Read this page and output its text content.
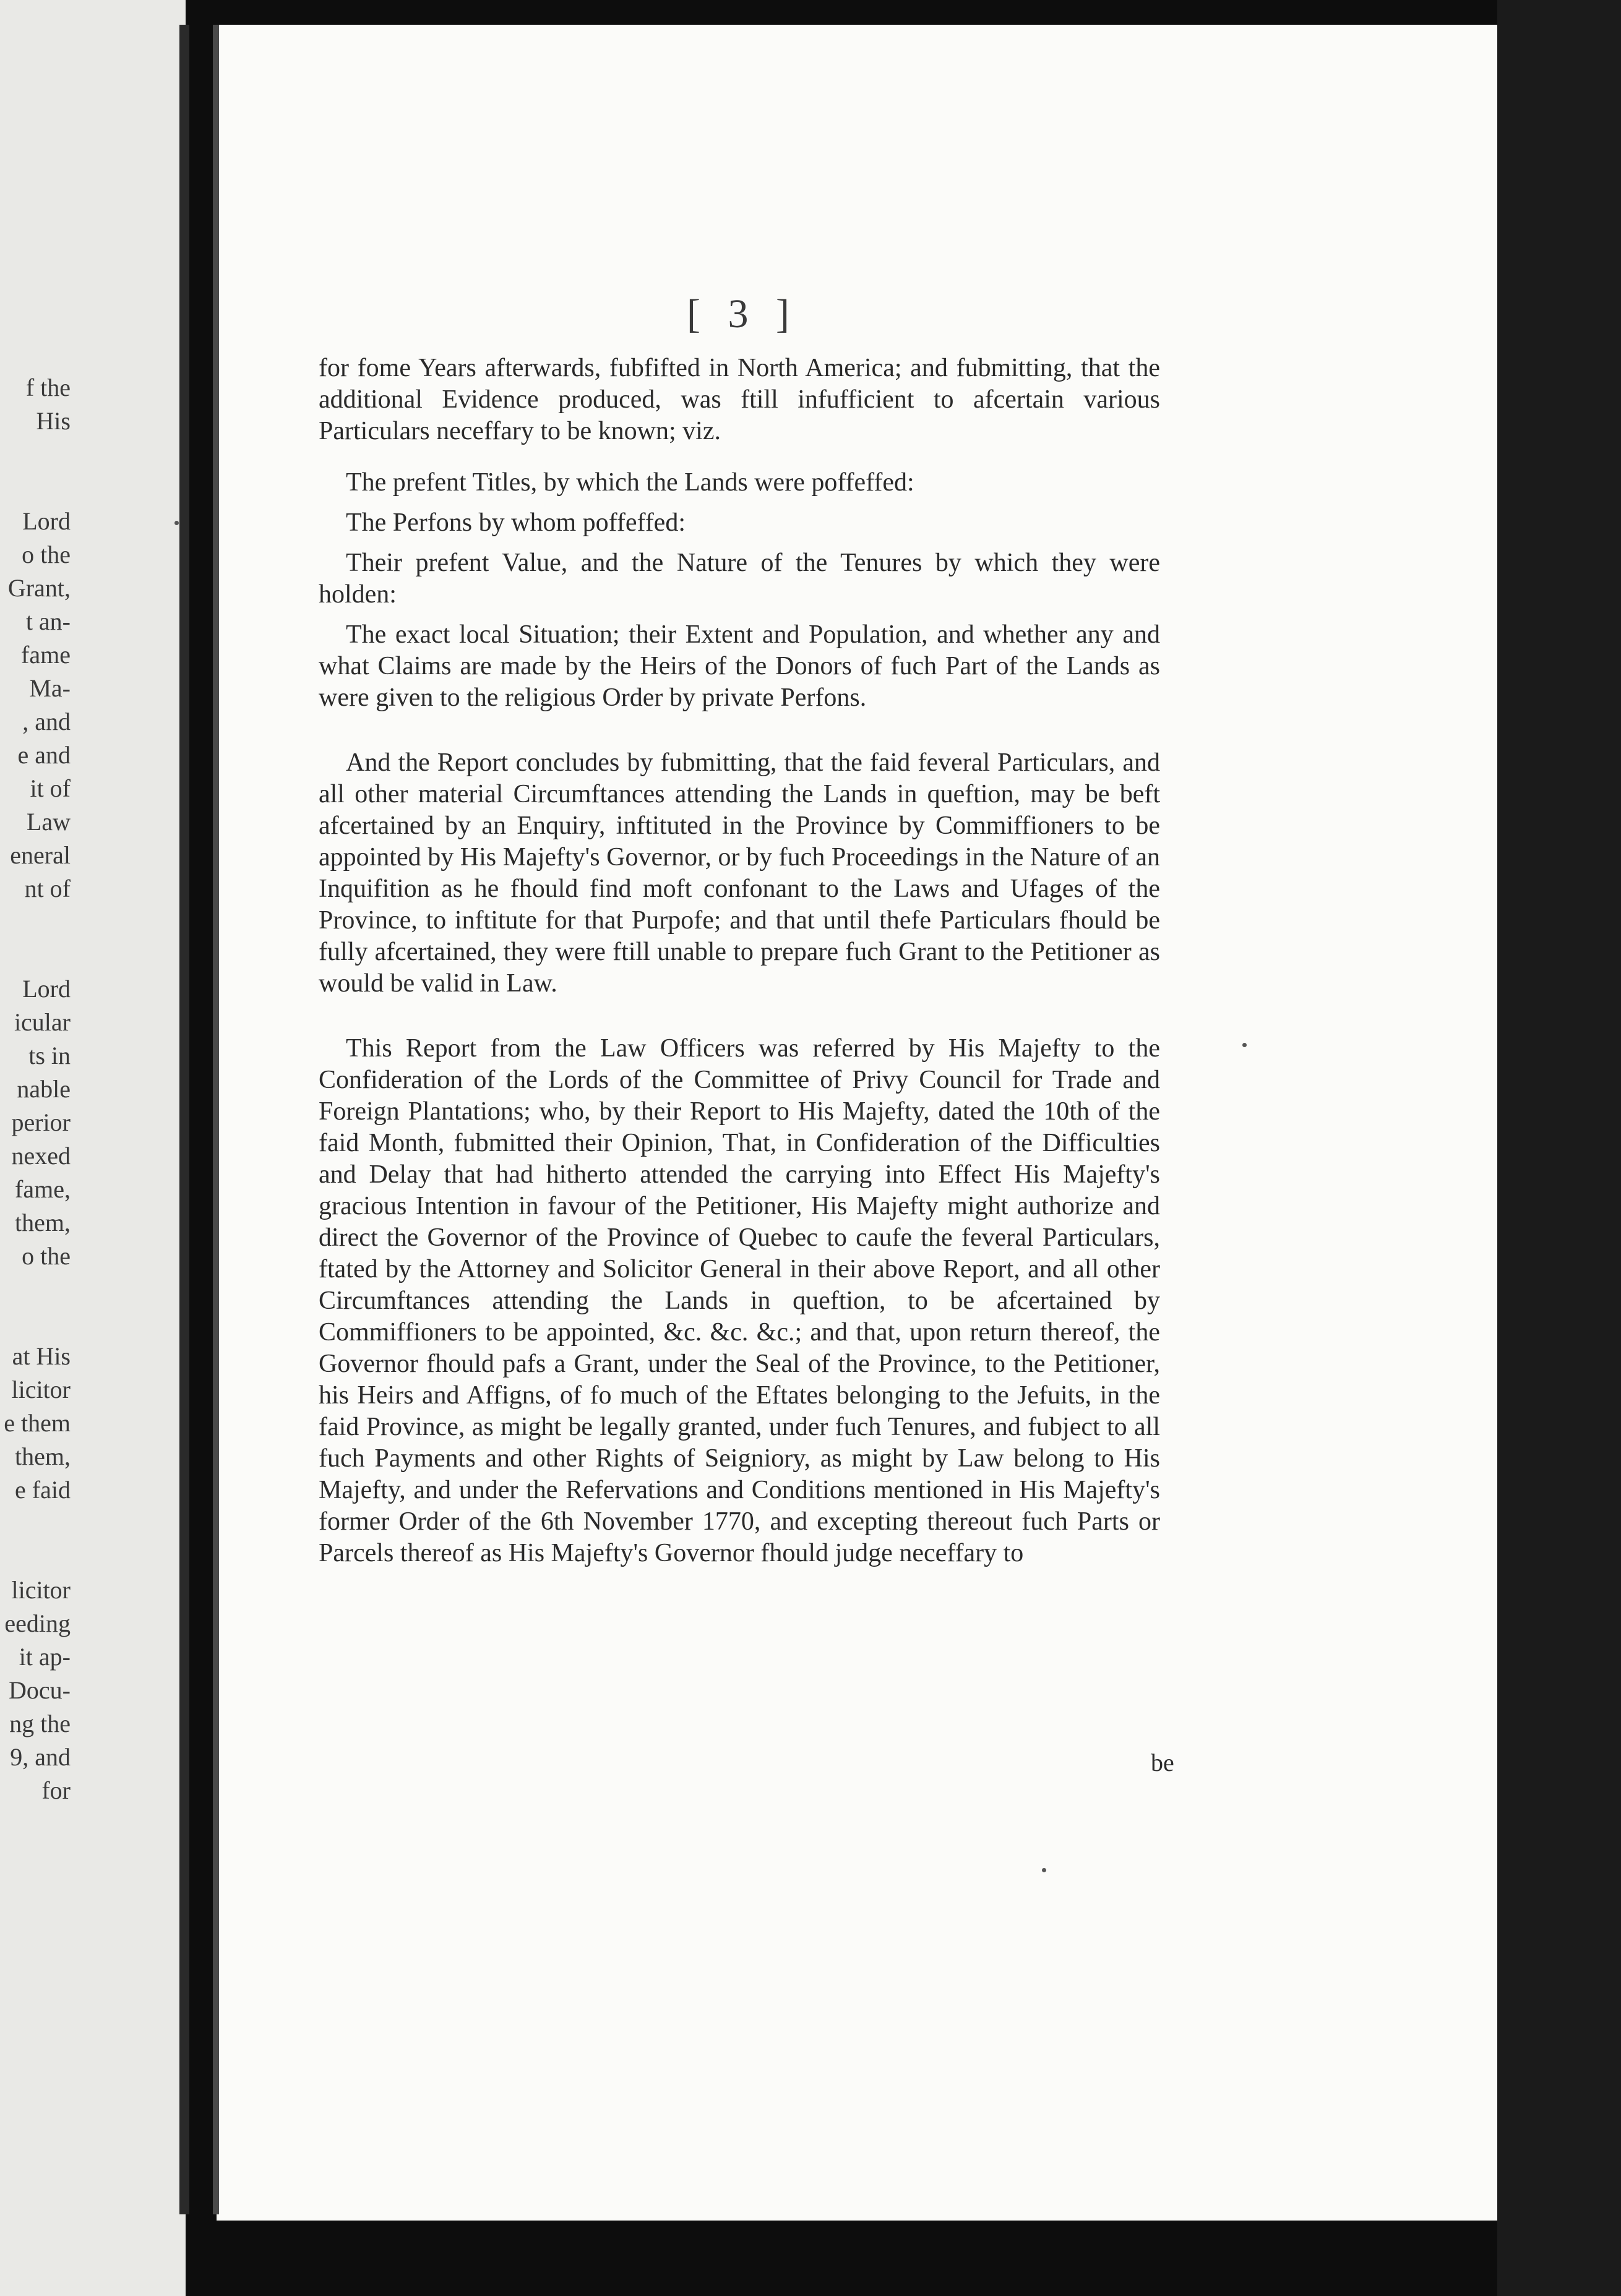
f the
His
Lord
o the
Grant,
t an-
fame
Ma-
, and
e and
it of
Law
eneral
nt of
Lord
icular
ts in
nable
perior
nexed
fame,
them,
o the
at His
licitor
e them
them,
e faid
licitor
eeding
it ap-
Docu-
ng the
9, and
for
[ 3 ]

for fome Years afterwards, fubfifted in North America; and fubmitting, that the additional Evidence produced, was ftill infufficient to afcertain various Particulars neceffary to be known; viz.

The prefent Titles, by which the Lands were poffeffed:

The Perfons by whom poffeffed:

Their prefent Value, and the Nature of the Tenures by which they were holden:

The exact local Situation; their Extent and Population, and whether any and what Claims are made by the Heirs of the Donors of fuch Part of the Lands as were given to the religious Order by private Perfons.

And the Report concludes by fubmitting, that the faid feveral Particulars, and all other material Circumftances attending the Lands in queftion, may be beft afcertained by an Enquiry, inftituted in the Province by Commiffioners to be appointed by His Majefty's Governor, or by fuch Proceedings in the Nature of an Inquifition as he fhould find moft confonant to the Laws and Ufages of the Province, to inftitute for that Purpofe; and that until thefe Particulars fhould be fully afcertained, they were ftill unable to prepare fuch Grant to the Petitioner as would be valid in Law.

This Report from the Law Officers was referred by His Majefty to the Confideration of the Lords of the Committee of Privy Council for Trade and Foreign Plantations; who, by their Report to His Majefty, dated the 10th of the faid Month, fubmitted their Opinion, That, in Confideration of the Difficulties and Delay that had hitherto attended the carrying into Effect His Majefty's gracious Intention in favour of the Petitioner, His Majefty might authorize and direct the Governor of the Province of Quebec to caufe the feveral Particulars, ftated by the Attorney and Solicitor General in their above Report, and all other Circumftances attending the Lands in queftion, to be afcertained by Commiffioners to be appointed, &c. &c. &c.; and that, upon return thereof, the Governor fhould pafs a Grant, under the Seal of the Province, to the Petitioner, his Heirs and Affigns, of fo much of the Eftates belonging to the Jefuits, in the faid Province, as might be legally granted, under fuch Tenures, and fubject to all fuch Payments and other Rights of Seigniory, as might by Law belong to His Majefty, and under the Refervations and Conditions mentioned in His Majefty's former Order of the 6th November 1770, and excepting thereout fuch Parts or Parcels thereof as His Majefty's Governor fhould judge neceffary to

be
